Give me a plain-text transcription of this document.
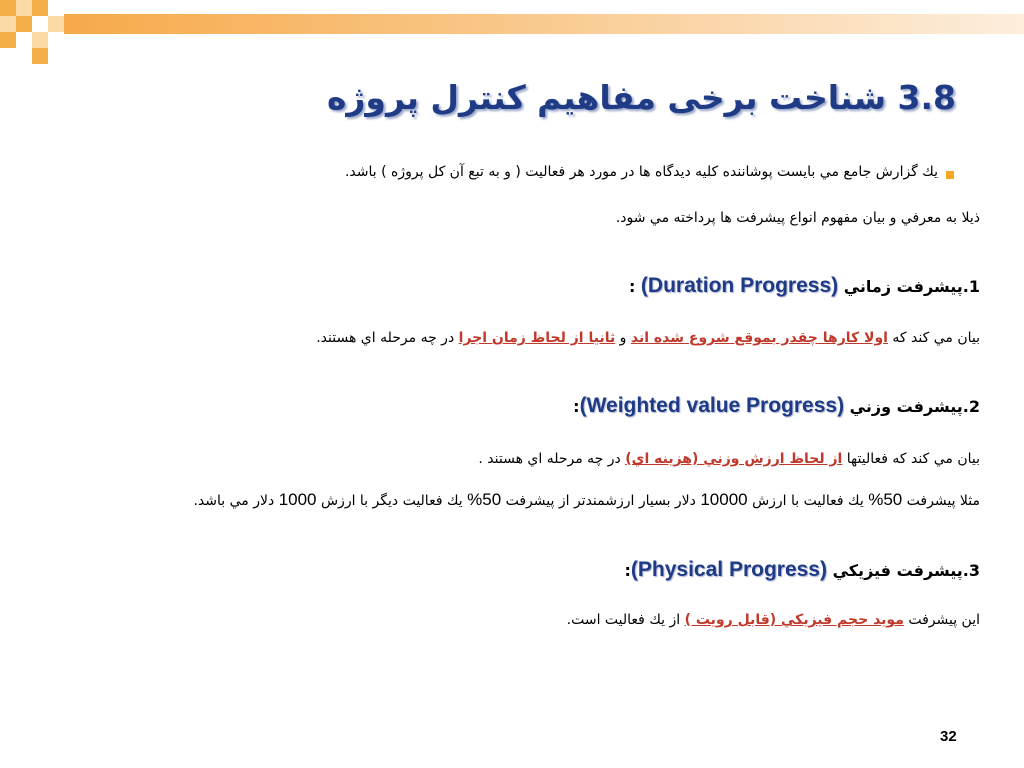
3.8 شناخت برخی مفاهیم کنترل پروژه
يك گزارش جامع مي بايست پوشاننده كليه ديدگاه ها در مورد هر فعاليت ( و به تبع آن كل پروژه ) باشد.
ذيلا به معرفي و بيان مفهوم انواع پيشرفت ها پرداخته مي شود.
1.پيشرفت زماني (Duration Progress) :
بيان مي كند كه اولا كارها چقدر بموقع شروع شده اند و ثانيا از لحاظ زمان اجرا در چه مرحله اي هستند.
2.پيشرفت وزني (Weighted value Progress):
بيان مي كند كه فعاليتها از لحاظ ارزش وزني (هزينه اي) در چه مرحله اي هستند .
مثلا پيشرفت 50% يك فعاليت با ارزش 10000 دلار بسيار ارزشمندتر از پيشرفت 50% يك فعاليت ديگر با ارزش 1000 دلار مي باشد.
3.پيشرفت فيزيكي (Physical Progress):
اين پيشرفت مويد حجم فيزيكي (قابل رويت ) از يك فعاليت است.
32
